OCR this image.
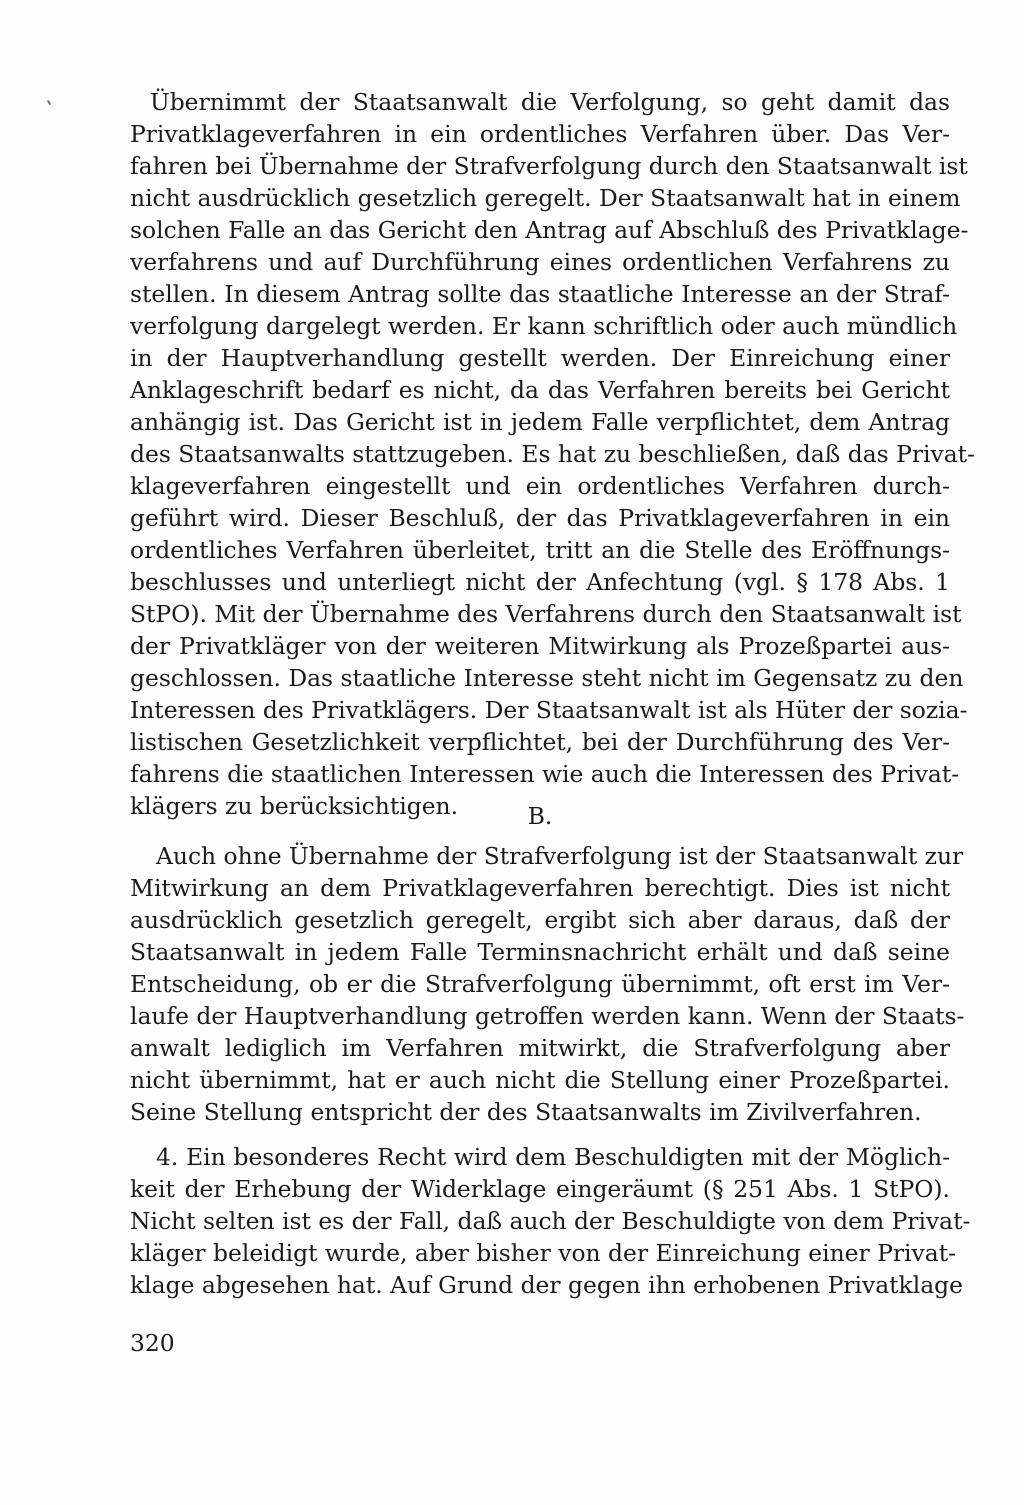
Übernimmt der Staatsanwalt die Verfolgung, so geht damit das
Privatklageverfahren in ein ordentliches Verfahren über. Das Ver-
fahren bei Übernahme der Strafverfolgung durch den Staatsanwalt ist
nicht ausdrücklich gesetzlich geregelt. Der Staatsanwalt hat in einem
solchen Falle an das Gericht den Antrag auf Abschluß des Privatklage-
verfahrens und auf Durchführung eines ordentlichen Verfahrens zu
stellen. In diesem Antrag sollte das staatliche Interesse an der Straf-
verfolgung dargelegt werden. Er kann schriftlich oder auch mündlich
in der Hauptverhandlung gestellt werden. Der Einreichung einer
Anklageschrift bedarf es nicht, da das Verfahren bereits bei Gericht
anhängig ist. Das Gericht ist in jedem Falle verpflichtet, dem Antrag
des Staatsanwalts stattzugeben. Es hat zu beschließen, daß das Privat-
klageverfahren eingestellt und ein ordentliches Verfahren durch-
geführt wird. Dieser Beschluß, der das Privatklageverfahren in ein
ordentliches Verfahren überleitet, tritt an die Stelle des Eröffnungs-
beschlusses und unterliegt nicht der Anfechtung (vgl. § 178 Abs. 1
StPO). Mit der Übernahme des Verfahrens durch den Staatsanwalt ist
der Privatkläger von der weiteren Mitwirkung als Prozeßpartei aus-
geschlossen. Das staatliche Interesse steht nicht im Gegensatz zu den
Interessen des Privatklägers. Der Staatsanwalt ist als Hüter der sozia-
listischen Gesetzlichkeit verpflichtet, bei der Durchführung des Ver-
fahrens die staatlichen Interessen wie auch die Interessen des Privat-
klägers zu berücksichtigen.	B.
Auch ohne Übernahme der Strafverfolgung ist der Staatsanwalt zur
Mitwirkung an dem Privatklageverfahren berechtigt. Dies ist nicht
ausdrücklich gesetzlich geregelt, ergibt sich aber daraus, daß der
Staatsanwalt in jedem Falle Terminsnachricht erhält und daß seine
Entscheidung, ob er die Strafverfolgung übernimmt, oft erst im Ver-
laufe der Hauptverhandlung getroffen werden kann. Wenn der Staats-
anwalt lediglich im Verfahren mitwirkt, die Strafverfolgung aber
nicht übernimmt, hat er auch nicht die Stellung einer Prozeßpartei.
Seine Stellung entspricht der des Staatsanwalts im Zivilverfahren.
4. Ein besonderes Recht wird dem Beschuldigten mit der Möglich-
keit der Erhebung der Widerklage eingeräumt (§ 251 Abs. 1 StPO).
Nicht selten ist es der Fall, daß auch der Beschuldigte von dem Privat-
kläger beleidigt wurde, aber bisher von der Einreichung einer Privat-
klage abgesehen hat. Auf Grund der gegen ihn erhobenen Privatklage
320
